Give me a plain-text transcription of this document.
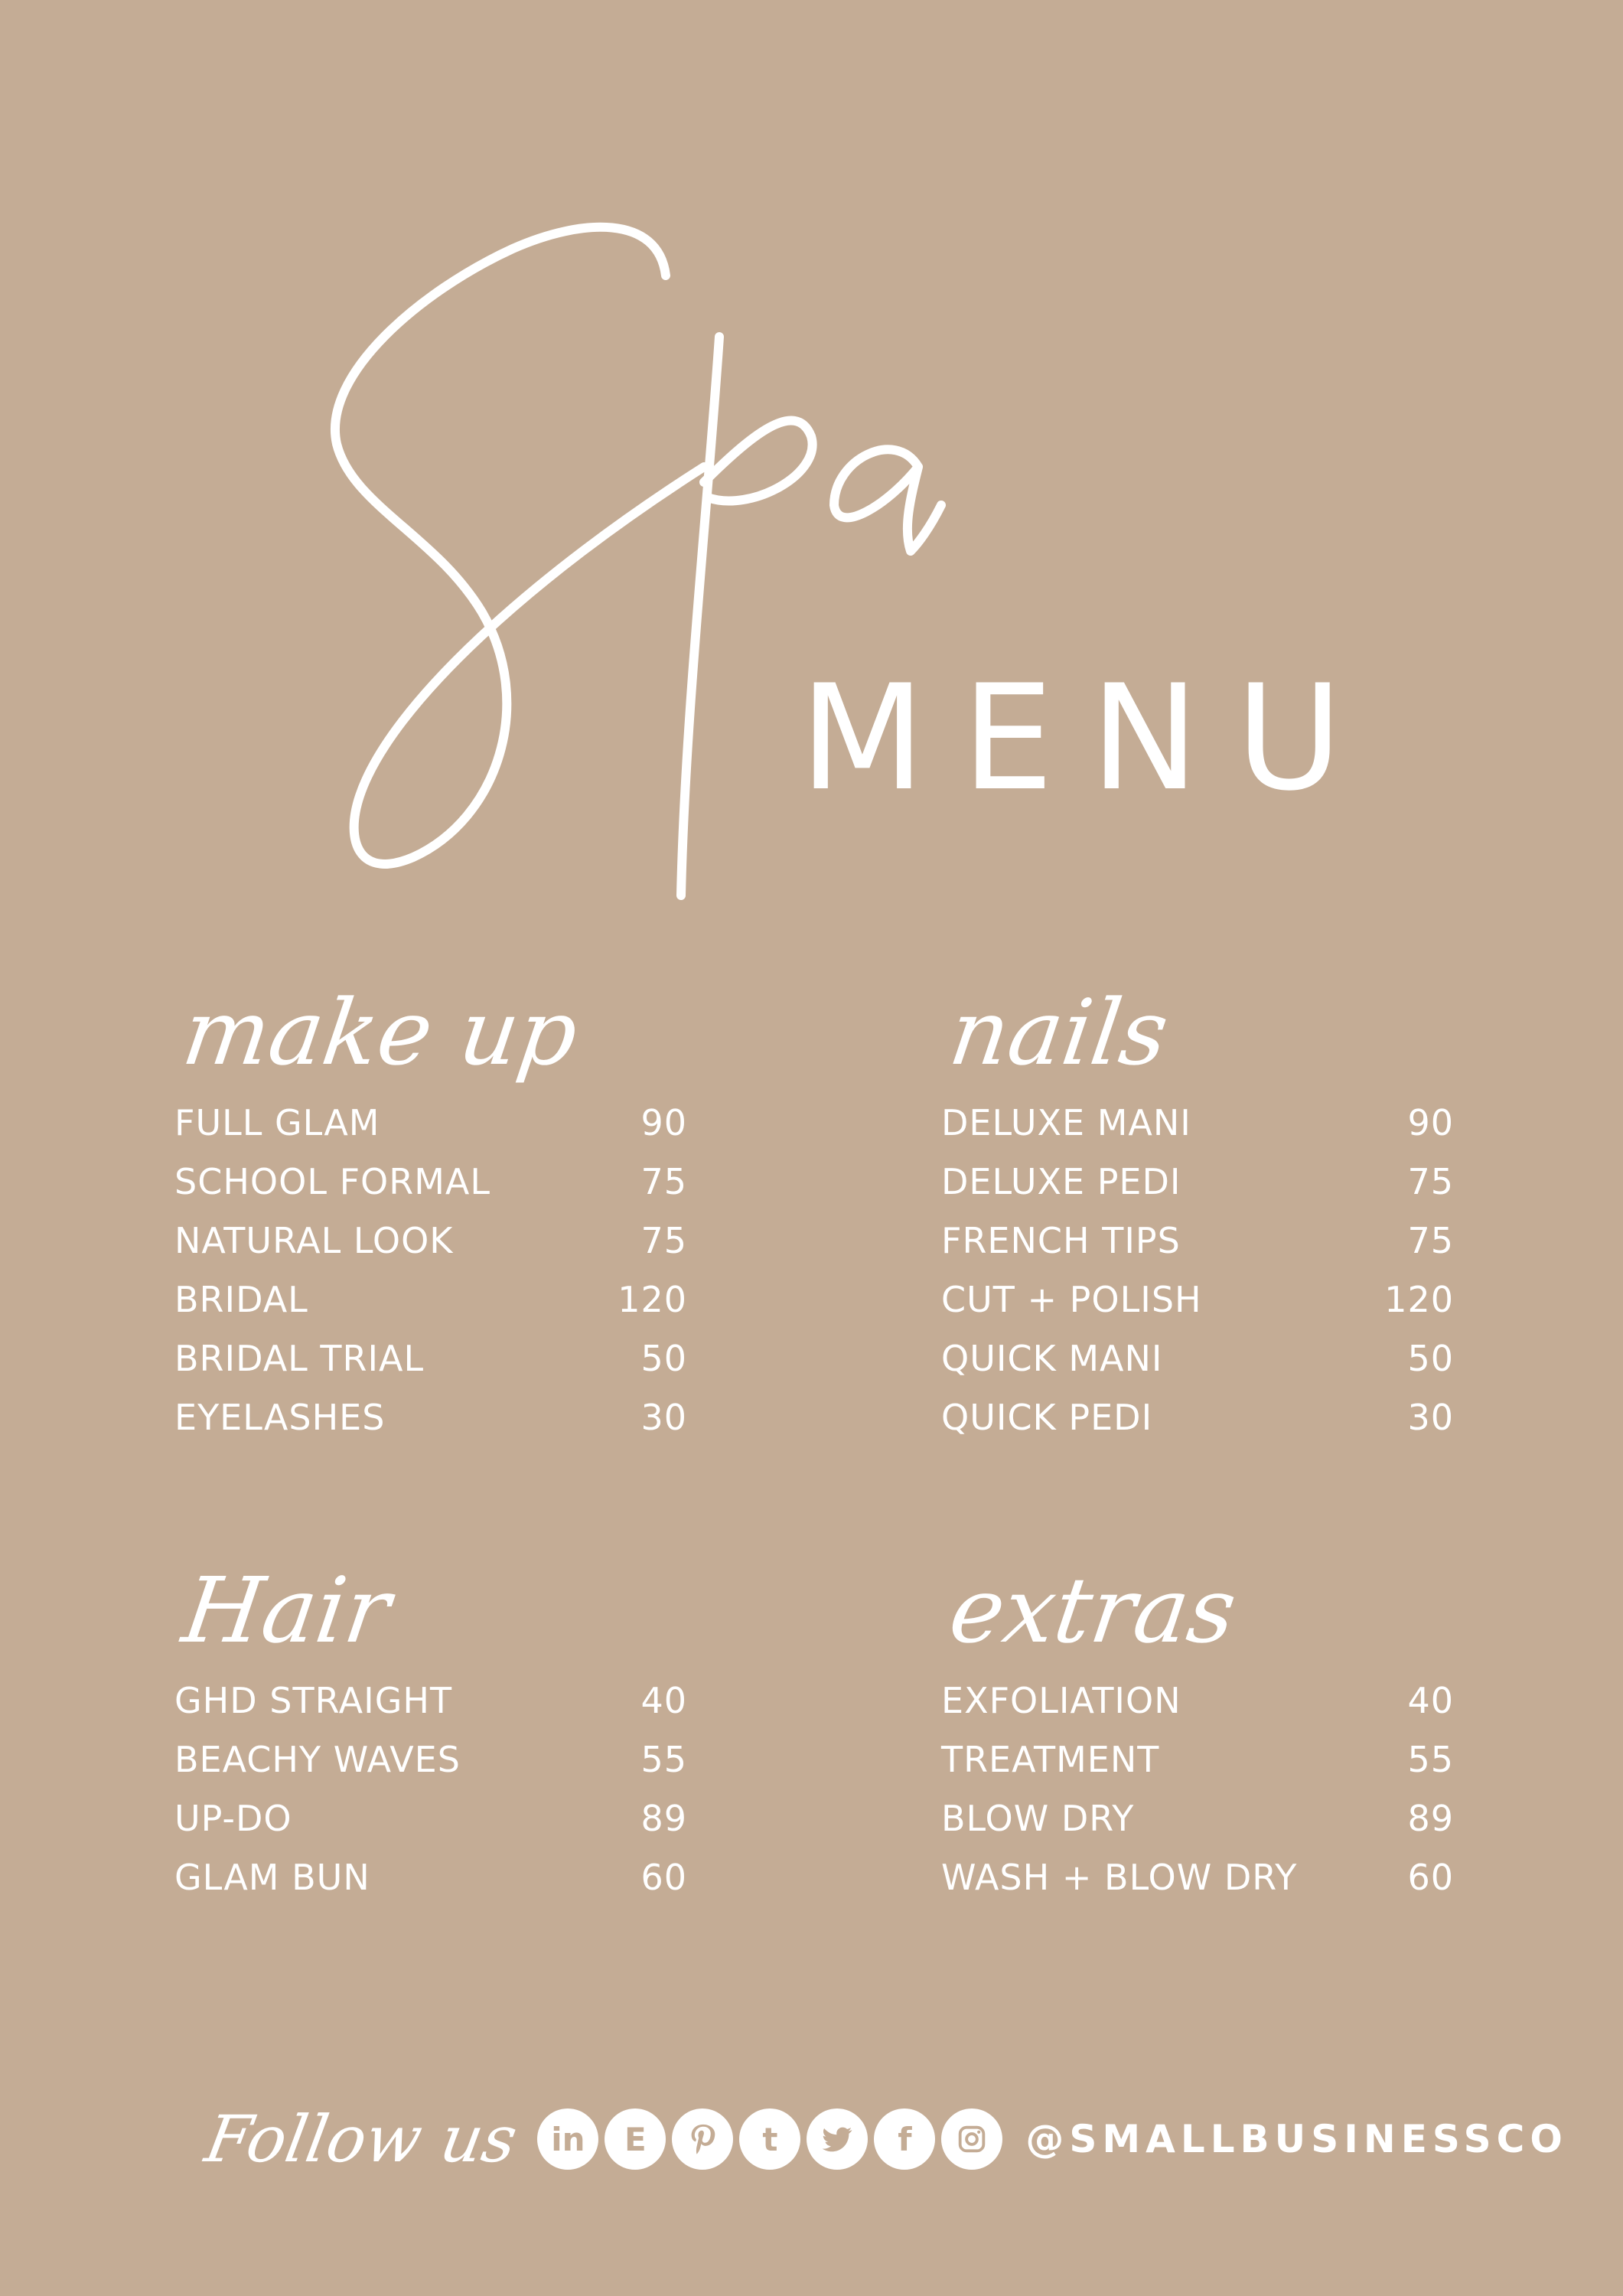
Spa
MENU
make up
FULL GLAM	90
SCHOOL FORMAL	75
NATURAL LOOK	75
BRIDAL	120
BRIDAL TRIAL	50
EYELASHES	30
nails
DELUXE MANI	90
DELUXE PEDI	75
FRENCH TIPS	75
CUT + POLISH	120
QUICK MANI	50
QUICK PEDI	30
Hair
GHD STRAIGHT	40
BEACHY WAVES	55
UP-DO	89
GLAM BUN	60
extras
EXFOLIATION	40
TREATMENT	55
BLOW DRY	89
WASH + BLOW DRY	60
Follow us in	E	t	f	@SMALLBUSINESSCO
